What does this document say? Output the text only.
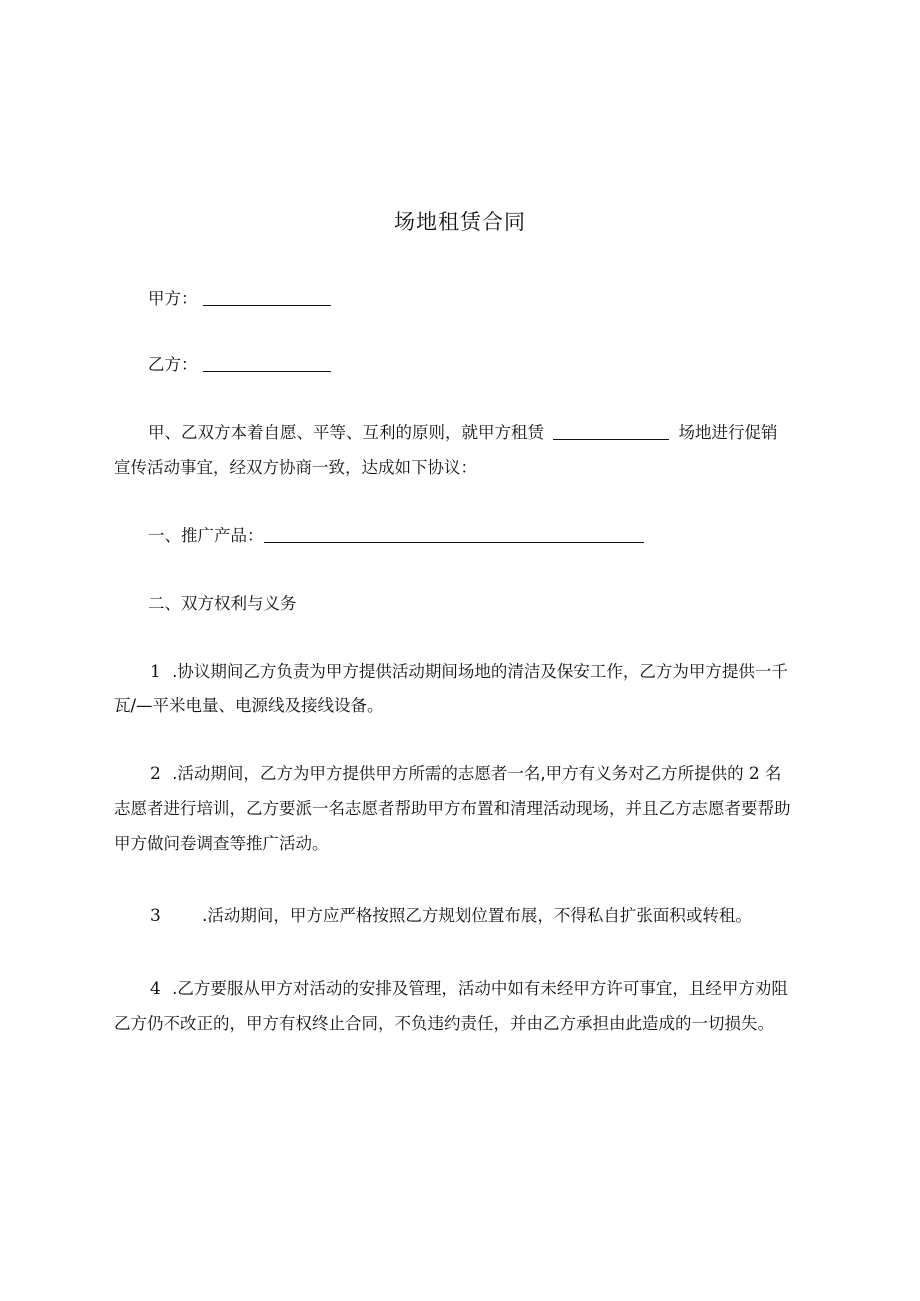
场地租赁合同
甲方：
乙方：
甲、乙双方本着自愿、平等、互利的原则，就甲方租赁	场地进行促销
宣传活动事宜，经双方协商一致，达成如下协议：
一、推广产品：
二、双方权利与义务
1 .协议期间乙方负责为甲方提供活动期间场地的清洁及保安工作，乙方为甲方提供一千
瓦/—平米电量、电源线及接线设备。
2 .活动期间，乙方为甲方提供甲方所需的志愿者一名,甲方有义务对乙方所提供的 2 名
志愿者进行培训，乙方要派一名志愿者帮助甲方布置和清理活动现场，并且乙方志愿者要帮助
甲方做问卷调查等推广活动。
3	.活动期间，甲方应严格按照乙方规划位置布展，不得私自扩张面积或转租。
4 .乙方要服从甲方对活动的安排及管理，活动中如有未经甲方许可事宜，且经甲方劝阻
乙方仍不改正的，甲方有权终止合同，不负违约责任，并由乙方承担由此造成的一切损失。
